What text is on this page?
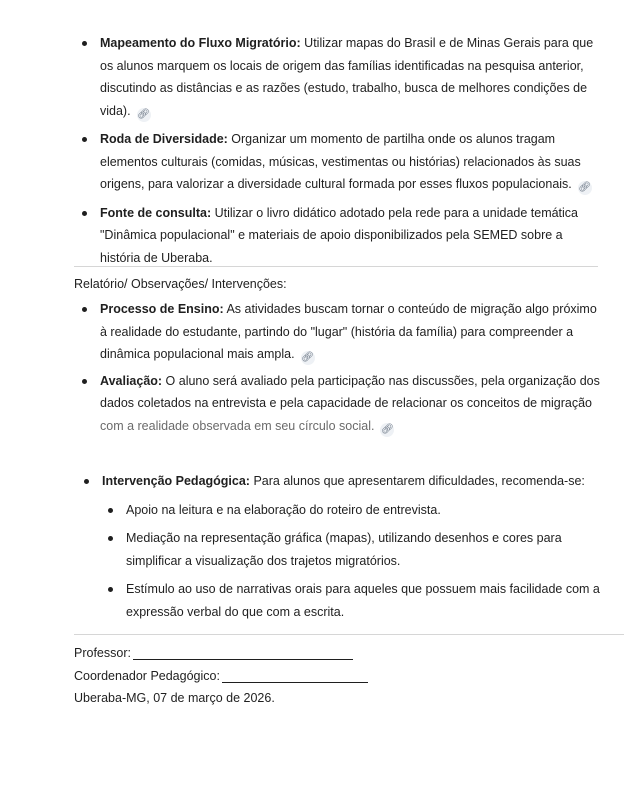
Mapeamento do Fluxo Migratório: Utilizar mapas do Brasil e de Minas Gerais para que os alunos marquem os locais de origem das famílias identificadas na pesquisa anterior, discutindo as distâncias e as razões (estudo, trabalho, busca de melhores condições de vida). 🔗︎
Roda de Diversidade: Organizar um momento de partilha onde os alunos tragam elementos culturais (comidas, músicas, vestimentas ou histórias) relacionados às suas origens, para valorizar a diversidade cultural formada por esses fluxos populacionais. 🔗︎
Fonte de consulta: Utilizar o livro didático adotado pela rede para a unidade temática "Dinâmica populacional" e materiais de apoio disponibilizados pela SEMED sobre a história de Uberaba.
Relatório/ Observações/ Intervenções:
Processo de Ensino: As atividades buscam tornar o conteúdo de migração algo próximo à realidade do estudante, partindo do "lugar" (história da família) para compreender a dinâmica populacional mais ampla. 🔗︎
Avaliação: O aluno será avaliado pela participação nas discussões, pela organização dos dados coletados na entrevista e pela capacidade de relacionar os conceitos de migração com a realidade observada em seu círculo social. 🔗︎
Intervenção Pedagógica: Para alunos que apresentarem dificuldades, recomenda-se:
Apoio na leitura e na elaboração do roteiro de entrevista.
Mediação na representação gráfica (mapas), utilizando desenhos e cores para simplificar a visualização dos trajetos migratórios.
Estímulo ao uso de narrativas orais para aqueles que possuem mais facilidade com a expressão verbal do que com a escrita.
Professor:
Coordenador Pedagógico:
Uberaba-MG, 07 de março de 2026.
